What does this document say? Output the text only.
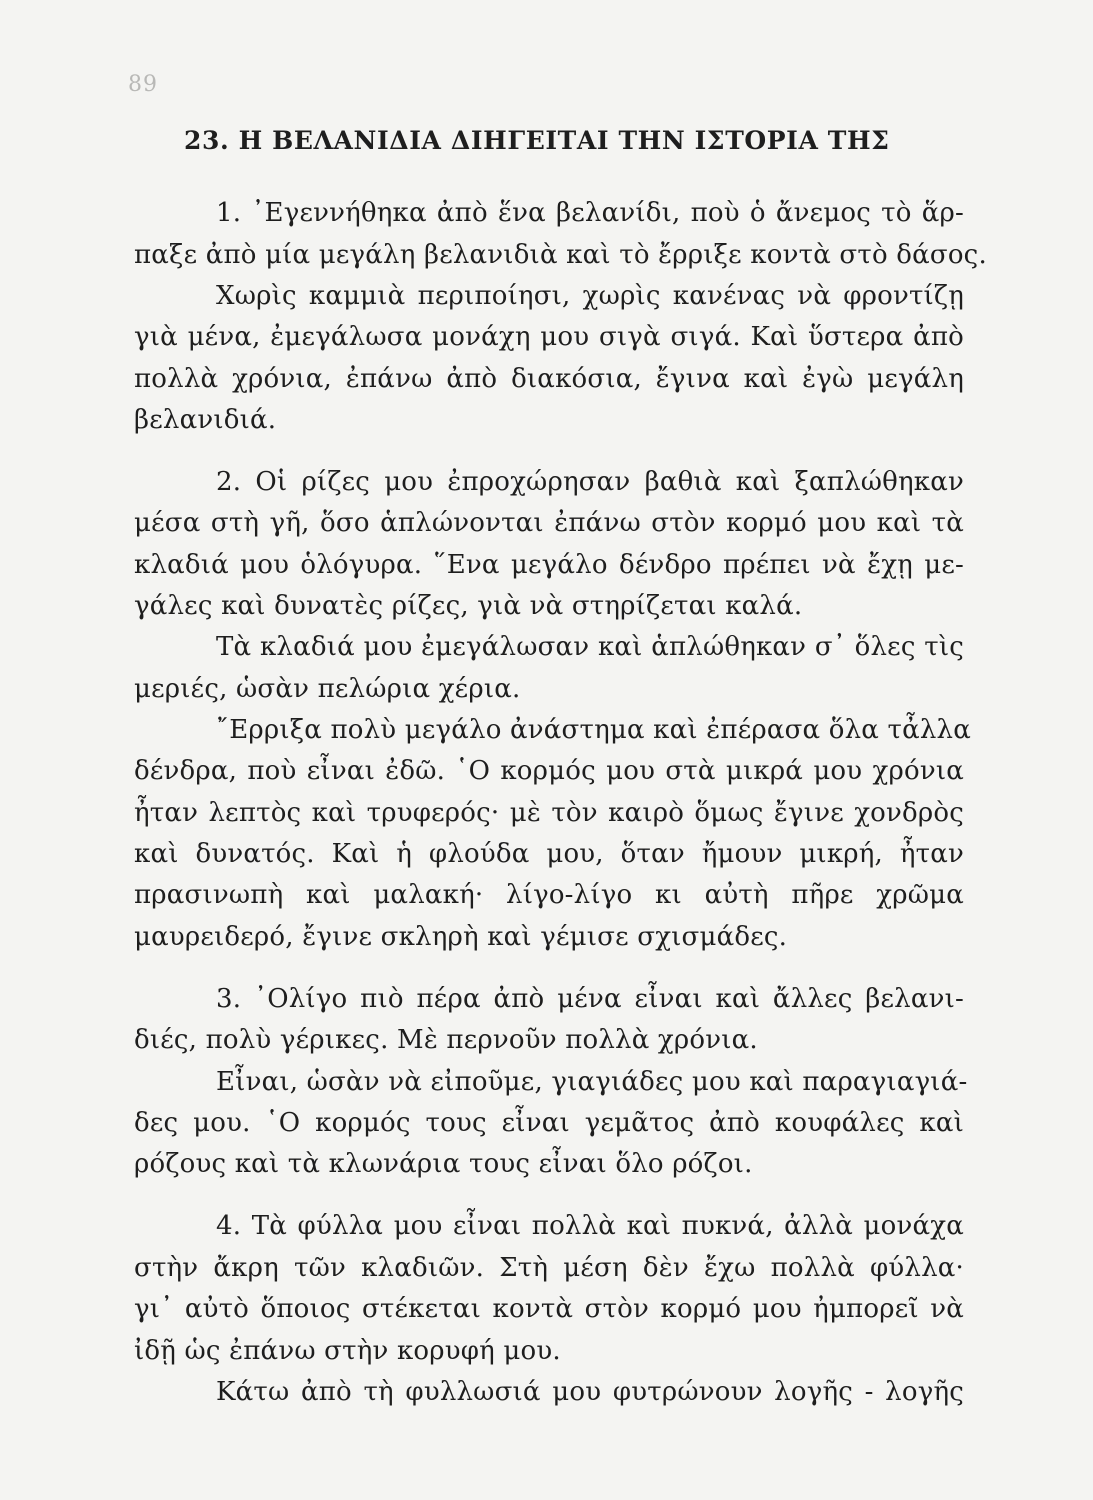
89
23. Η ΒΕΛΑΝΙΔΙΑ ΔΙΗΓΕΙΤΑΙ ΤΗΝ ΙΣΤΟΡΙΑ ΤΗΣ
1. ᾿Εγεννήθηκα ἀπὸ ἕνα βελανίδι, ποὺ ὁ ἄνεμος τὸ ἅρ-
παξε ἀπὸ μία μεγάλη βελανιδιὰ καὶ τὸ ἔρριξε κοντὰ στὸ δάσος.
Χωρὶς καμμιὰ περιποίησι, χωρὶς κανένας νὰ φροντίζῃ
γιὰ μένα, ἐμεγάλωσα μονάχη μου σιγὰ σιγά. Καὶ ὕστερα ἀπὸ
πολλὰ χρόνια, ἐπάνω ἀπὸ διακόσια, ἔγινα καὶ ἐγὼ μεγάλη
βελανιδιά.
2. Οἱ ρίζες μου ἐπροχώρησαν βαθιὰ καὶ ξαπλώθηκαν
μέσα στὴ γῆ, ὅσο ἁπλώνονται ἐπάνω στὸν κορμό μου καὶ τὰ
κλαδιά μου ὁλόγυρα. ῞Ενα μεγάλο δένδρο πρέπει νὰ ἔχῃ με-
γάλες καὶ δυνατὲς ρίζες, γιὰ νὰ στηρίζεται καλά.
Τὰ κλαδιά μου ἐμεγάλωσαν καὶ ἁπλώθηκαν σ᾿ ὅλες τὶς
μεριές, ὡσὰν πελώρια χέρια.
῎Ερριξα πολὺ μεγάλο ἀνάστημα καὶ ἐπέρασα ὅλα τἆλλα
δένδρα, ποὺ εἶναι ἐδῶ. ῾Ο κορμός μου στὰ μικρά μου χρόνια
ἦταν λεπτὸς καὶ τρυφερός· μὲ τὸν καιρὸ ὅμως ἔγινε χονδρὸς
καὶ δυνατός. Καὶ ἡ φλούδα μου, ὅταν ἤμουν μικρή, ἦταν
πρασινωπὴ καὶ μαλακή· λίγο-λίγο κι αὐτὴ πῆρε χρῶμα
μαυρειδερό, ἔγινε σκληρὴ καὶ γέμισε σχισμάδες.
3. ᾿Ολίγο πιὸ πέρα ἀπὸ μένα εἶναι καὶ ἄλλες βελανι-
διές, πολὺ γέρικες. Μὲ περνοῦν πολλὰ χρόνια.
Εἶναι, ὡσὰν νὰ εἰποῦμε, γιαγιάδες μου καὶ παραγιαγιά-
δες μου. ῾Ο κορμός τους εἶναι γεμᾶτος ἀπὸ κουφάλες καὶ
ρόζους καὶ τὰ κλωνάρια τους εἶναι ὅλο ρόζοι.
4. Τὰ φύλλα μου εἶναι πολλὰ καὶ πυκνά, ἀλλὰ μονάχα
στὴν ἄκρη τῶν κλαδιῶν. Στὴ μέση δὲν ἔχω πολλὰ φύλλα·
γι᾿ αὐτὸ ὅποιος στέκεται κοντὰ στὸν κορμό μου ἠμπορεῖ νὰ
ἰδῇ ὡς ἐπάνω στὴν κορυφή μου.
Κάτω ἀπὸ τὴ φυλλωσιά μου φυτρώνουν λογῆς - λογῆς
